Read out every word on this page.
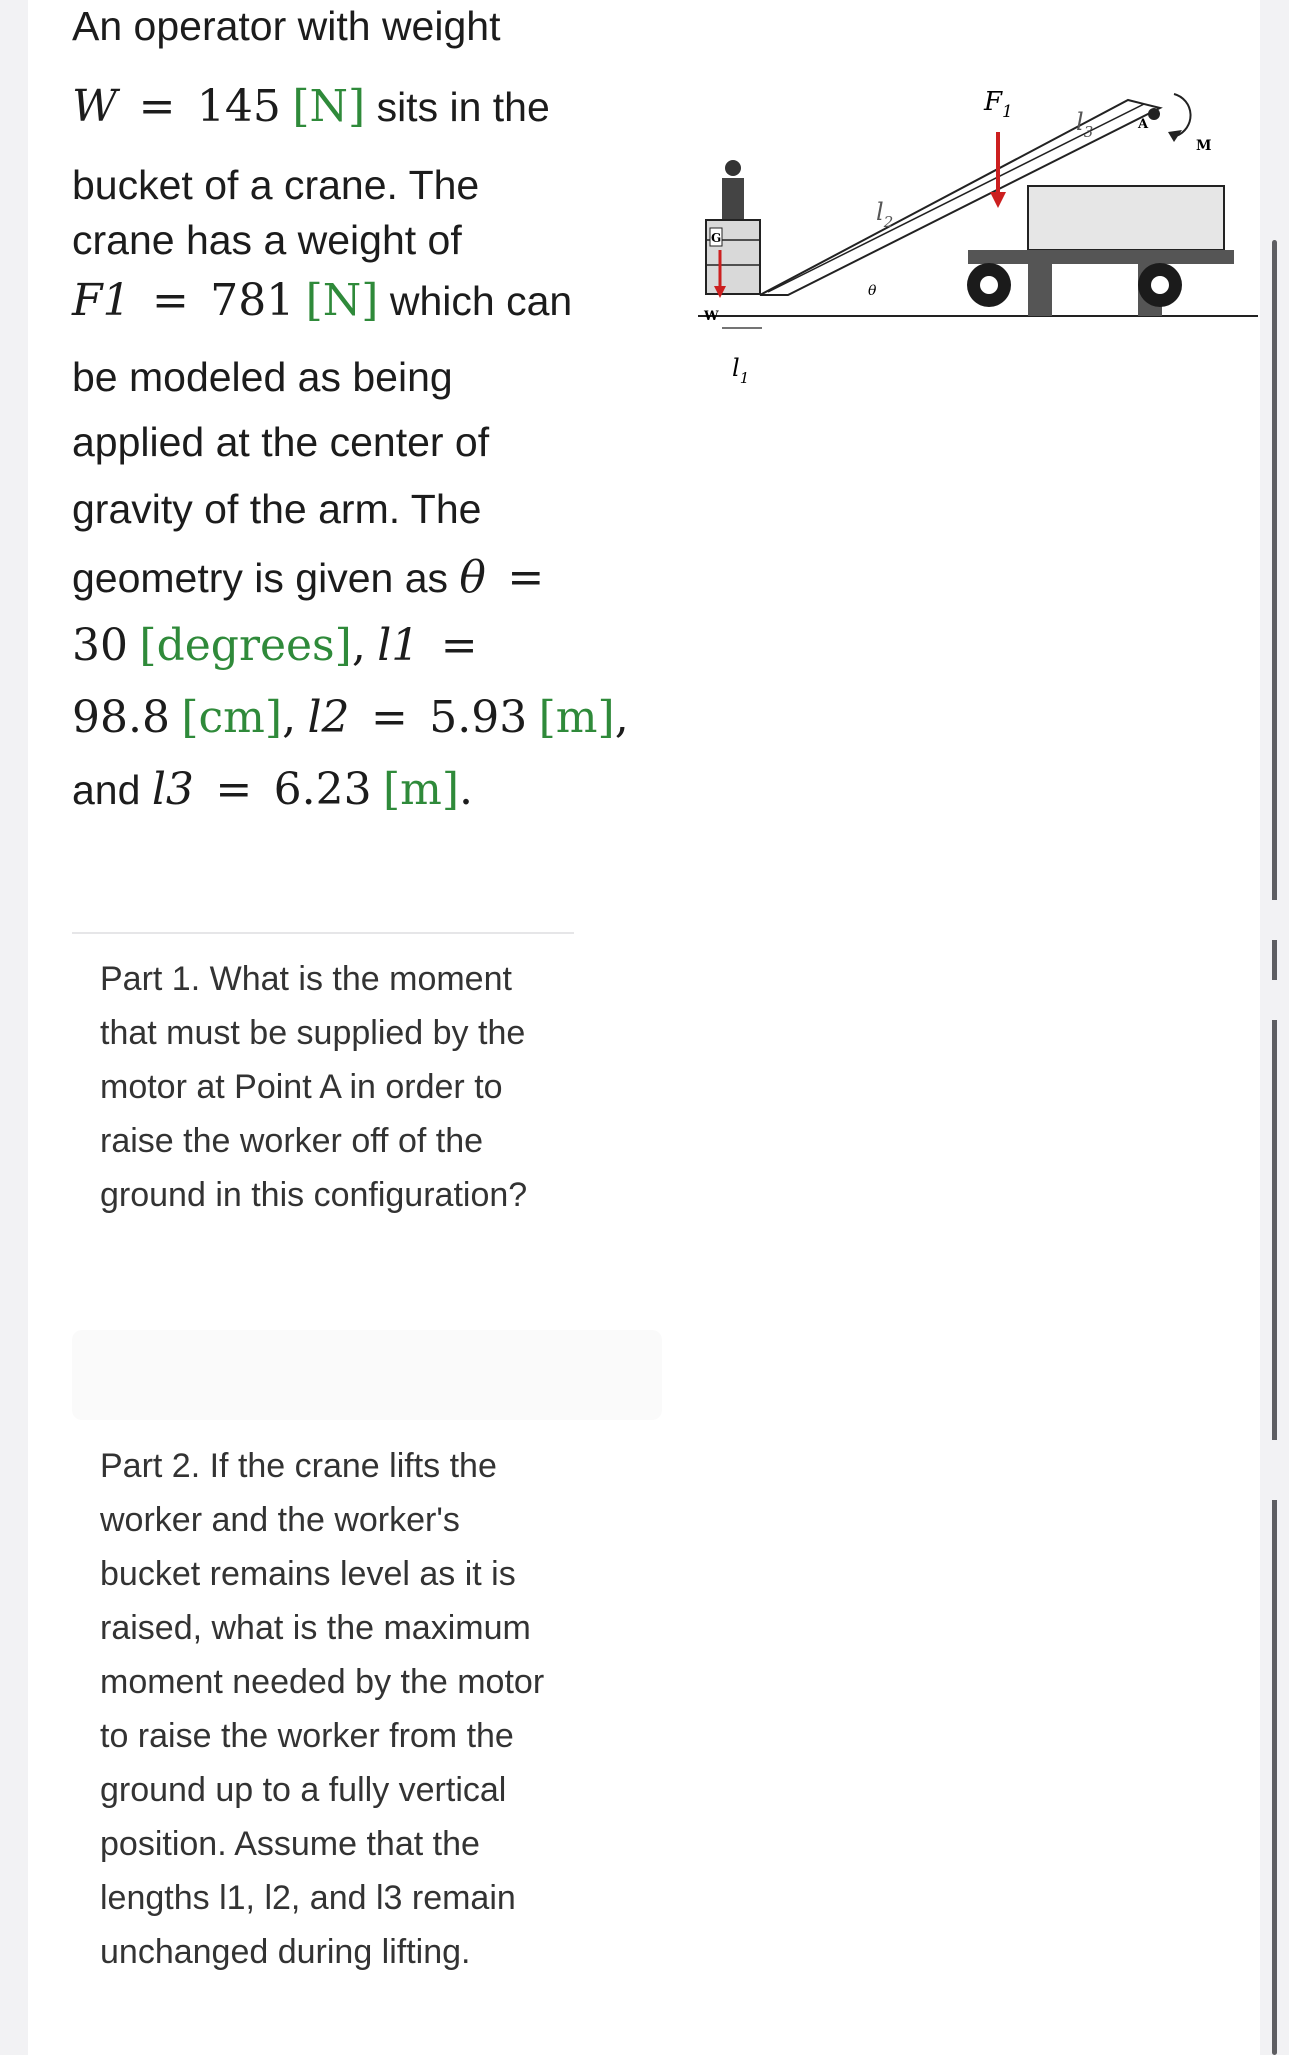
An operator with weight
W = 145 [N] sits in the
bucket of a crane. The
crane has a weight of
F1 = 781 [N] which can
be modeled as being
applied at the center of
gravity of the arm. The
geometry is given as θ =
30 [degrees], l1 =
98.8 [cm], l2 = 5.93 [m],
and l3 = 6.23 [m].
Part 1. What is the moment that must be supplied by the motor at Point A in order to raise the worker off of the ground in this configuration?
Part 2. If the crane lifts the worker and the worker's bucket remains level as it is raised, what is the maximum moment needed by the motor to raise the worker from the ground up to a fully vertical position. Assume that the lengths l1, l2, and l3 remain unchanged during lifting.
G
W
$l_1$
θ
$l_2$
$F_1$	$l_3$	A
M
